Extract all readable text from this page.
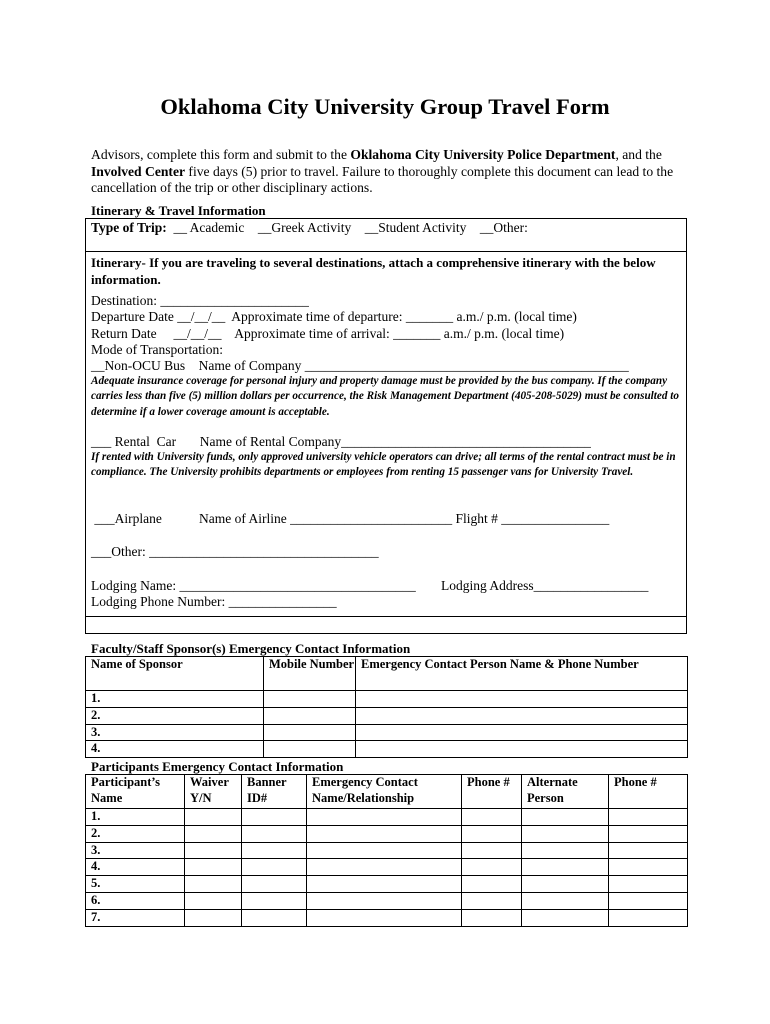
Oklahoma City University Group Travel Form
Advisors, complete this form and submit to the Oklahoma City University Police Department, and the Involved Center five days (5) prior to travel. Failure to thoroughly complete this document can lead to the cancellation of the trip or other disciplinary actions.
Itinerary & Travel Information
Type of Trip:  __ Academic    __Greek Activity    __Student Activity    __Other:
Itinerary- If you are traveling to several destinations, attach a comprehensive itinerary with the below information.
Destination: ______________________
Departure Date __/__/__  Approximate time of departure: _______ a.m./ p.m. (local time)
Return Date     __/__/__    Approximate time of arrival: _______ a.m./ p.m. (local time)
Mode of Transportation:
__Non-OCU Bus    Name of Company ________________________________________________
Adequate insurance coverage for personal injury and property damage must be provided by the bus company. If the company carries less than five (5) million dollars per occurrence, the Risk Management Department (405-208-5029) must be consulted to determine if a lower coverage amount is acceptable.
___ Rental  Car       Name of Rental Company_____________________________________
If rented with University funds, only approved university vehicle operators can drive; all terms of the rental contract must be in compliance. The University prohibits departments or employees from renting 15 passenger vans for University Travel.
___Airplane           Name of Airline ________________________ Flight # ________________
___Other: __________________________________
Lodging Name: ___________________________________ Lodging Address_________________
Lodging Phone Number: ________________
Faculty/Staff Sponsor(s) Emergency Contact Information
Name of Sponsor	Mobile Number	Emergency Contact Person Name & Phone Number
1.		
2.		
3.		
4.		
Participants Emergency Contact Information
Participant’s Name	Waiver Y/N	Banner ID#	Emergency Contact Name/Relationship	Phone #	Alternate Person	Phone #
1.						
2.						
3.						
4.						
5.						
6.						
7.						
